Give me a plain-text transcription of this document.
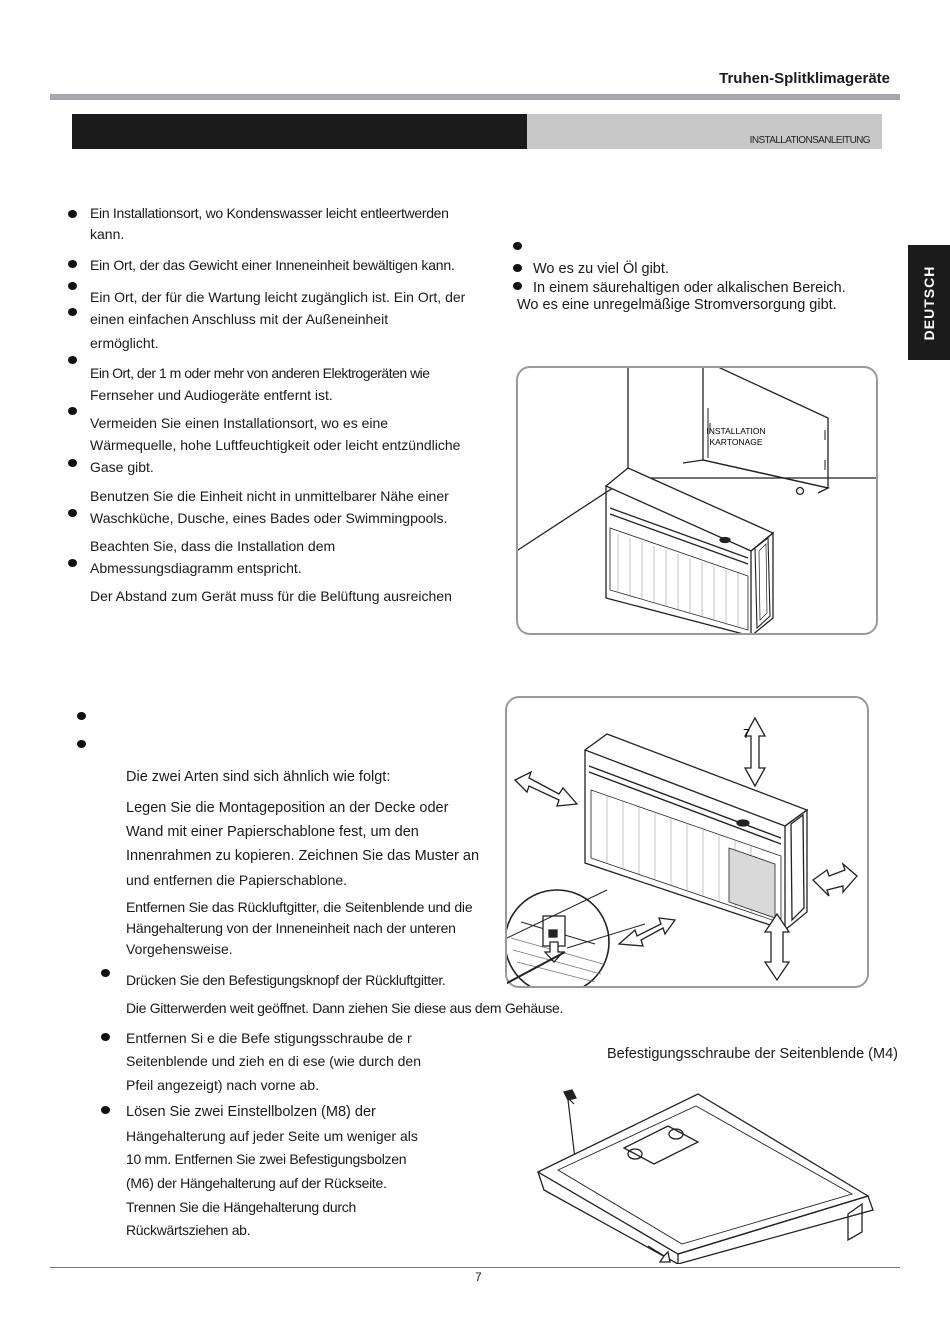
Truhen-Splitklimageräte
INSTALLATIONSANLEITUNG
DEUTSCH
Ein Installationsort, wo Kondenswasser leicht entleertwerden
kann.
Ein Ort, der das Gewicht einer Inneneinheit bewältigen kann.
Ein Ort, der für die Wartung leicht zugänglich ist. Ein Ort, der
einen einfachen Anschluss mit der Außeneinheit
ermöglicht.
Ein Ort, der 1 m oder mehr von anderen Elektrogeräten wie
Fernseher und Audiogeräte entfernt ist.
Vermeiden Sie einen Installationsort, wo es eine
Wärmequelle, hohe Luftfeuchtigkeit oder leicht entzündliche
Gase gibt.
Benutzen Sie die Einheit nicht in unmittelbarer Nähe einer
Waschküche, Dusche, eines Bades oder Swimmingpools.
Beachten Sie, dass die Installation dem
Abmessungsdiagramm entspricht.
Der Abstand zum Gerät muss für die Belüftung ausreichen
Wo es zu viel Öl gibt.
In einem säurehaltigen oder alkalischen Bereich.
Wo es eine unregelmäßige Stromversorgung gibt.
INSTALLATION
KARTONAGE
7
Die zwei Arten sind sich ähnlich wie folgt:
Legen Sie die Montageposition an der Decke oder
Wand mit einer Papierschablone fest, um den
Innenrahmen zu kopieren. Zeichnen Sie das Muster an
und entfernen die Papierschablone.
Entfernen Sie das Rückluftgitter, die Seitenblende und die
Hängehalterung von der Inneneinheit nach der unteren
Vorgehensweise.
Drücken Sie den Befestigungsknopf der Rückluftgitter.
Die Gitterwerden weit geöffnet. Dann ziehen Sie diese aus dem Gehäuse.
Entfernen Si e die Befe stigungsschraube de r
Seitenblende und zieh en di ese (wie durch den
Pfeil angezeigt) nach vorne ab.
Lösen Sie zwei Einstellbolzen (M8) der
Hängehalterung auf jeder Seite um weniger als
10 mm. Entfernen Sie zwei Befestigungsbolzen
(M6) der Hängehalterung auf der Rückseite.
Trennen Sie die Hängehalterung durch
Rückwärtsziehen ab.
Befestigungsschraube der Seitenblende (M4)
7
